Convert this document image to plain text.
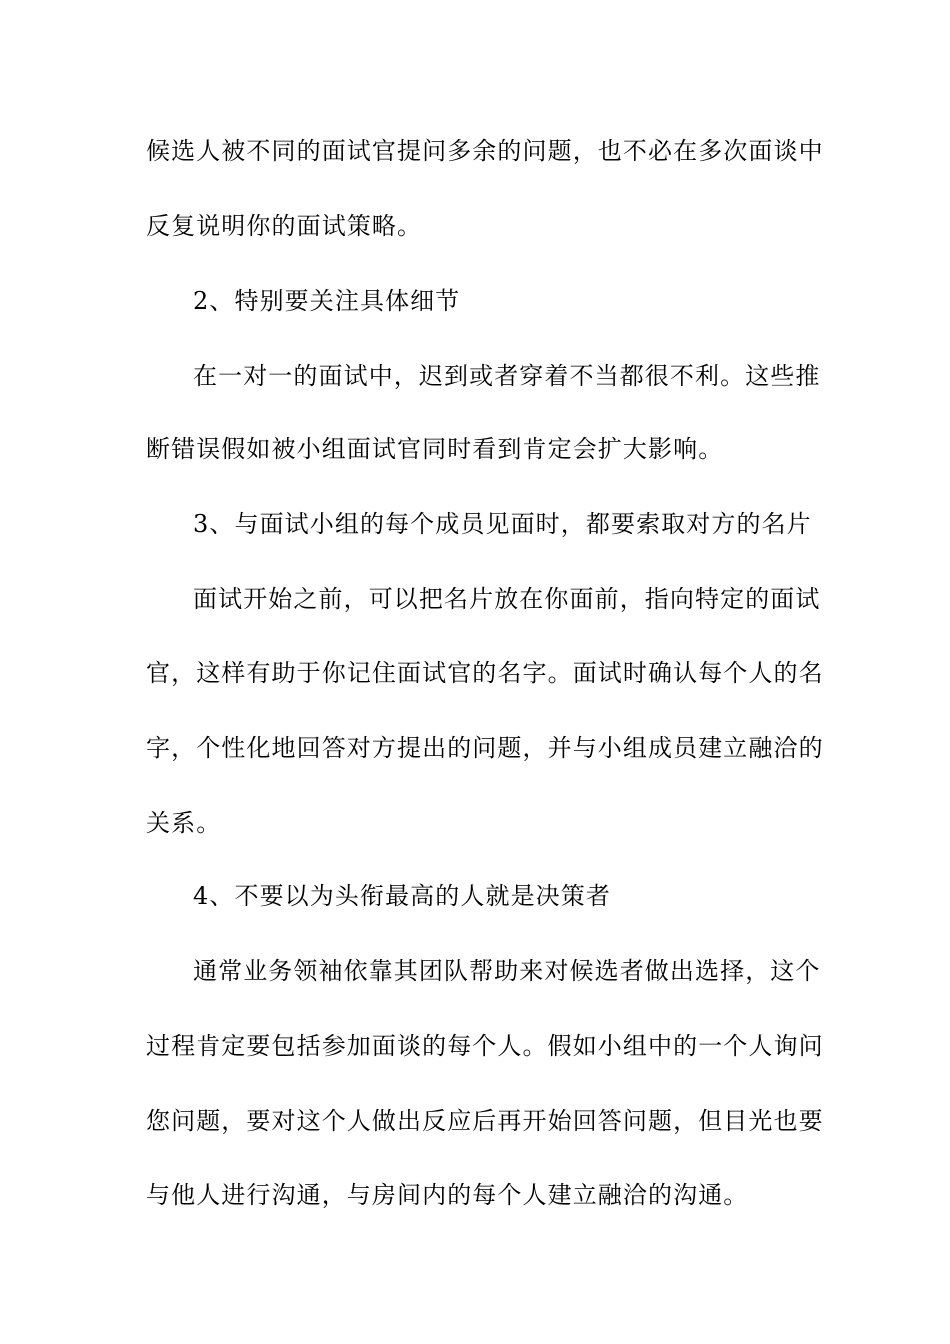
候选人被不同的面试官提问多余的问题，也不必在多次面谈中
反复说明你的面试策略。
2、特别要关注具体细节
在一对一的面试中，迟到或者穿着不当都很不利。这些推
断错误假如被小组面试官同时看到肯定会扩大影响。
3、与面试小组的每个成员见面时，都要索取对方的名片
面试开始之前，可以把名片放在你面前，指向特定的面试
官，这样有助于你记住面试官的名字。面试时确认每个人的名
字，个性化地回答对方提出的问题，并与小组成员建立融洽的
关系。
4、不要以为头衔最高的人就是决策者
通常业务领袖依靠其团队帮助来对候选者做出选择，这个
过程肯定要包括参加面谈的每个人。假如小组中的一个人询问
您问题，要对这个人做出反应后再开始回答问题，但目光也要
与他人进行沟通，与房间内的每个人建立融洽的沟通。
